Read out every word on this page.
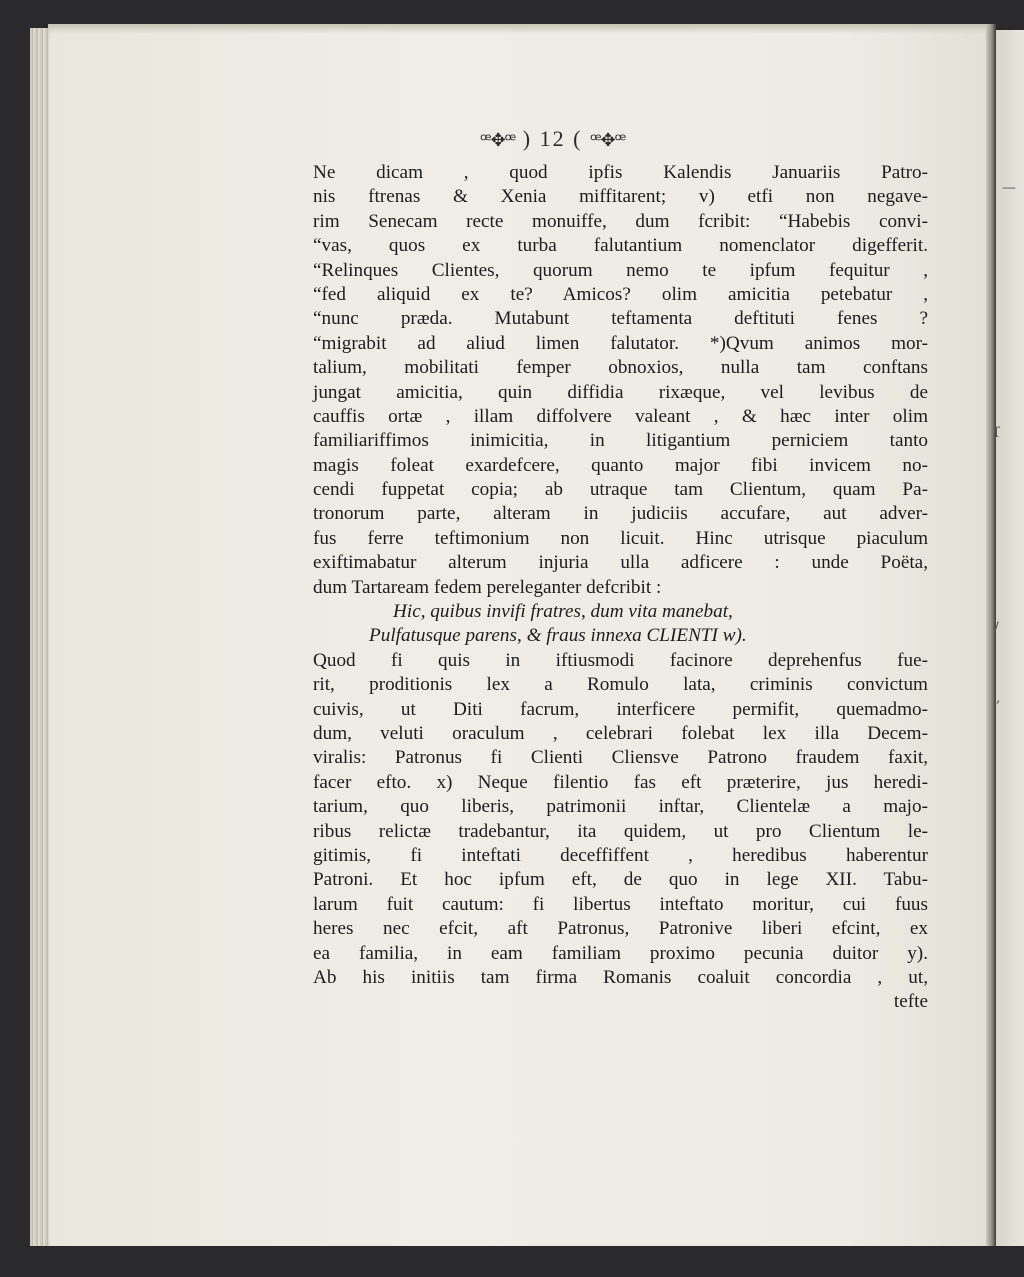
—
ſ
/
,
ꟹ✥ꟹ ) 12 ( ꟹ✥ꟹ
Ne dicam , quod ipfis Kalendis Januariis Patro-
nis ftrenas & Xenia miffitarent; v) etfi non negave-
rim Senecam recte monuiffe, dum fcribit: “Habebis convi-
“vas, quos ex turba falutantium nomenclator digefferit.
“Relinques Clientes, quorum nemo te ipfum fequitur ,
“fed aliquid ex te? Amicos? olim amicitia petebatur ,
“nunc præda. Mutabunt teftamenta deftituti fenes ?
“migrabit ad aliud limen falutator. *)Qvum animos mor-
talium, mobilitati femper obnoxios, nulla tam conftans
jungat amicitia, quin diffidia rixæque, vel levibus de
cauffis ortæ , illam diffolvere valeant , & hæc inter olim
familiariffimos inimicitia, in litigantium perniciem tanto
magis foleat exardefcere, quanto major fibi invicem no-
cendi fuppetat copia; ab utraque tam Clientum, quam Pa-
tronorum parte, alteram in judiciis accufare, aut adver-
fus ferre teftimonium non licuit. Hinc utrisque piaculum
exiftimabatur alterum injuria ulla adficere : unde Poëta,
dum Tartaream fedem pereleganter defcribit :
Hic, quibus invifi fratres, dum vita manebat,
Pulfatusque parens, & fraus innexa CLIENTI w).
Quod fi quis in iftiusmodi facinore deprehenfus fue-
rit, proditionis lex a Romulo lata, criminis convictum
cuivis, ut Diti facrum, interficere permifit, quemadmo-
dum, veluti oraculum , celebrari folebat lex illa Decem-
viralis: Patronus fi Clienti Cliensve Patrono fraudem faxit,
facer efto. x) Neque filentio fas eft præterire, jus heredi-
tarium, quo liberis, patrimonii inftar, Clientelæ a majo-
ribus relictæ tradebantur, ita quidem, ut pro Clientum le-
gitimis, fi inteftati deceffiffent , heredibus haberentur
Patroni. Et hoc ipfum eft, de quo in lege XII. Tabu-
larum fuit cautum: fi libertus inteftato moritur, cui fuus
heres nec efcit, aft Patronus, Patronive liberi efcint, ex
ea familia, in eam familiam proximo pecunia duitor y).
Ab his initiis tam firma Romanis coaluit concordia , ut,
tefte
